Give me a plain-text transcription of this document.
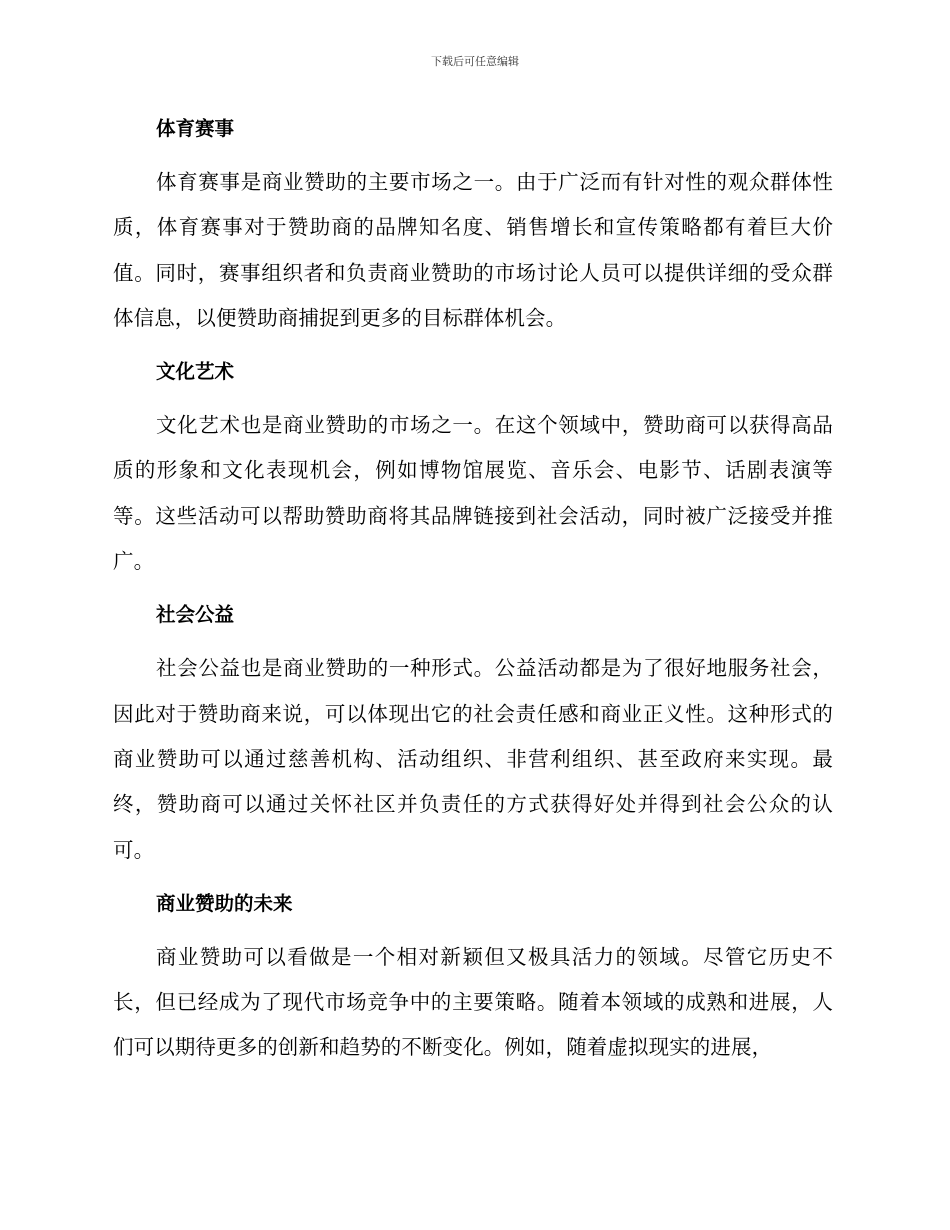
下载后可任意编辑
体育赛事

体育赛事是商业赞助的主要市场之一。由于广泛而有针对性的观众群体性质，体育赛事对于赞助商的品牌知名度、销售增长和宣传策略都有着巨大价值。同时，赛事组织者和负责商业赞助的市场讨论人员可以提供详细的受众群体信息，以便赞助商捕捉到更多的目标群体机会。

文化艺术

文化艺术也是商业赞助的市场之一。在这个领域中，赞助商可以获得高品质的形象和文化表现机会，例如博物馆展览、音乐会、电影节、话剧表演等等。这些活动可以帮助赞助商将其品牌链接到社会活动，同时被广泛接受并推广。

社会公益

社会公益也是商业赞助的一种形式。公益活动都是为了很好地服务社会，因此对于赞助商来说，可以体现出它的社会责任感和商业正义性。这种形式的商业赞助可以通过慈善机构、活动组织、非营利组织、甚至政府来实现。最终，赞助商可以通过关怀社区并负责任的方式获得好处并得到社会公众的认可。

商业赞助的未来

商业赞助可以看做是一个相对新颖但又极具活力的领域。尽管它历史不长，但已经成为了现代市场竞争中的主要策略。随着本领域的成熟和进展，人们可以期待更多的创新和趋势的不断变化。例如，随着虚拟现实的进展，
